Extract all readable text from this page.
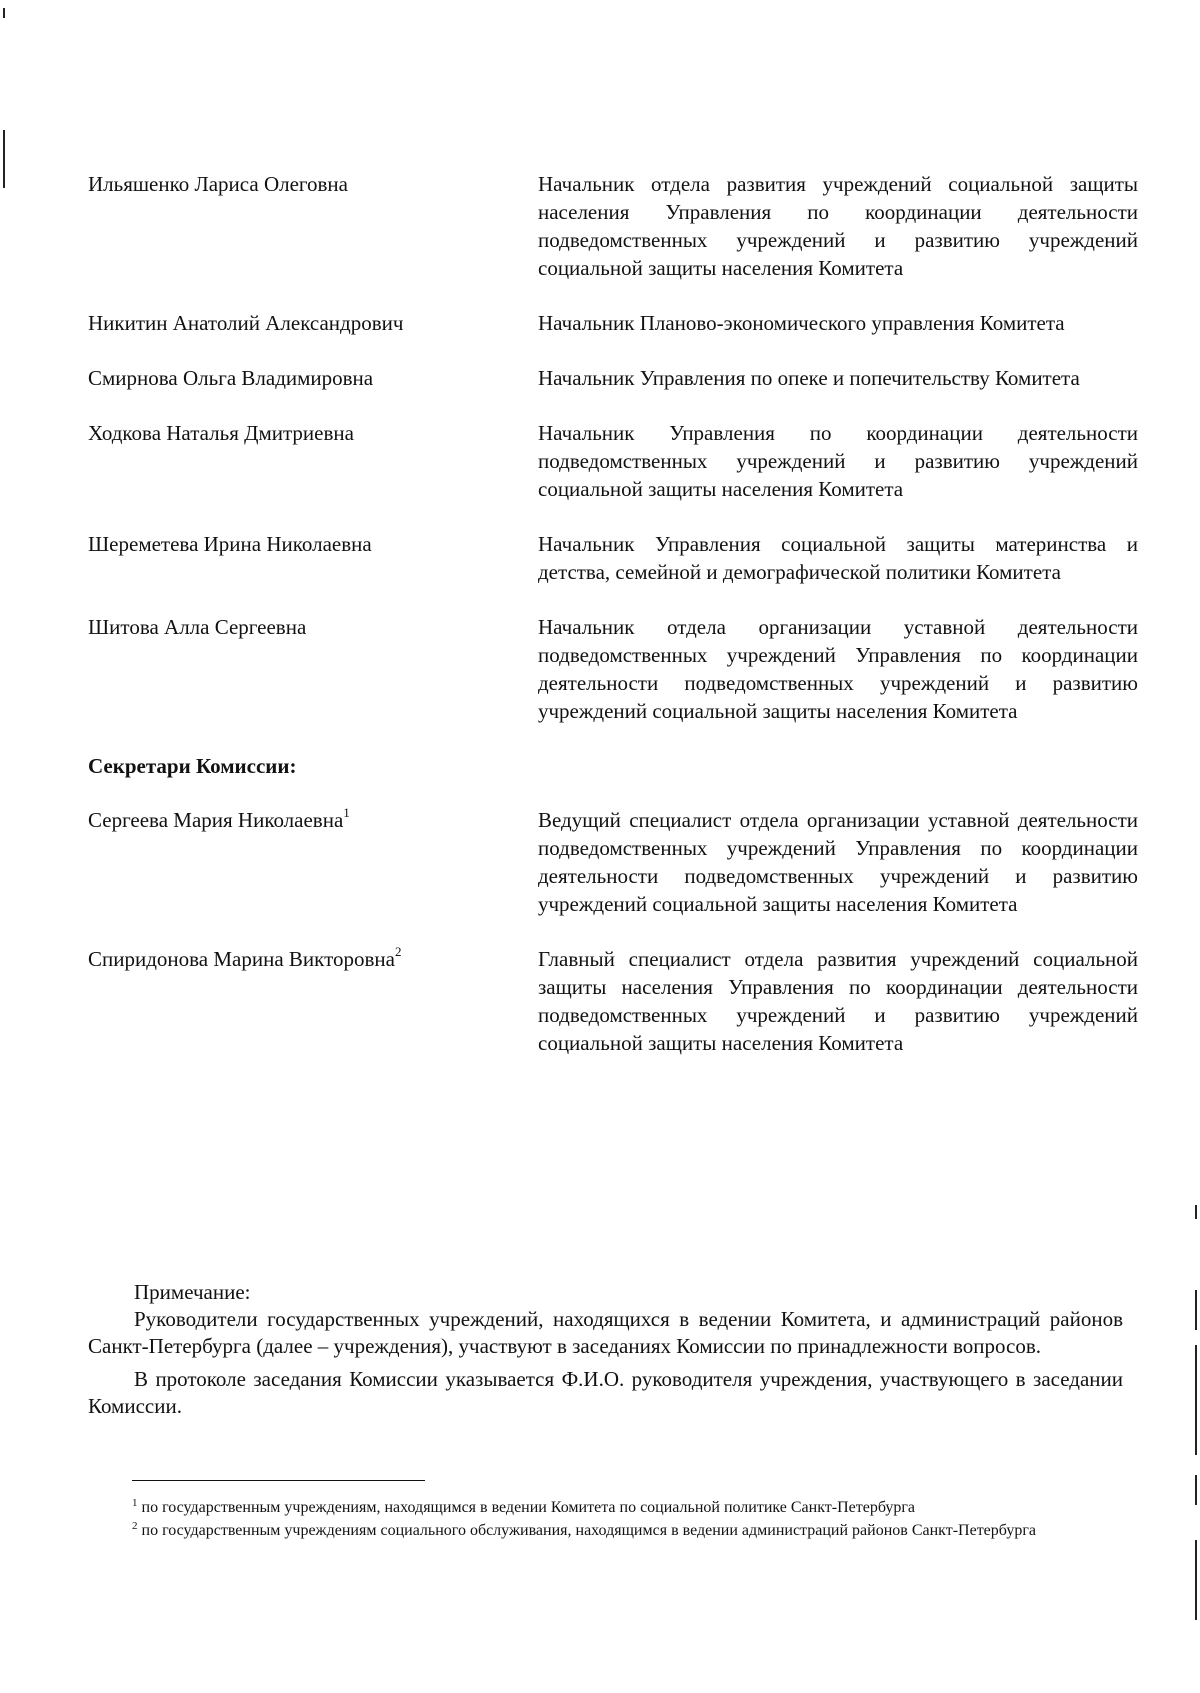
Ильяшенко Лариса Олеговна	Начальник отдела развития учреждений социальной защиты населения Управления по координации деятельности подведомственных учреждений и развитию учреждений социальной защиты населения Комитета
Никитин Анатолий Александрович	Начальник Планово-экономического управления Комитета
Смирнова Ольга Владимировна	Начальник Управления по опеке и попечительству Комитета
Ходкова Наталья Дмитриевна	Начальник Управления по координации деятельности подведомственных учреждений и развитию учреждений социальной защиты населения Комитета
Шереметева Ирина Николаевна	Начальник Управления социальной защиты материнства и детства, семейной и демографической политики Комитета
Шитова Алла Сергеевна	Начальник отдела организации уставной деятельности подведомственных учреждений Управления по координации деятельности подведомственных учреждений и развитию учреждений социальной защиты населения Комитета
Секретари Комиссии:
Сергеева Мария Николаевна$^1$	Ведущий специалист отдела организации уставной деятельности подведомственных учреждений Управления по координации деятельности подведомственных учреждений и развитию учреждений социальной защиты населения Комитета
Спиридонова Марина Викторовна$^2$	Главный специалист отдела развития учреждений социальной защиты населения Управления по координации деятельности подведомственных учреждений и развитию учреждений социальной защиты населения Комитета
Примечание:

Руководители государственных учреждений, находящихся в ведении Комитета, и администраций районов Санкт-Петербурга (далее – учреждения), участвуют в заседаниях Комиссии по принадлежности вопросов.

В протоколе заседания Комиссии указывается Ф.И.О. руководителя учреждения, участвующего в заседании Комиссии.

$^1$ по государственным учреждениям, находящимся в ведении Комитета по социальной политике Санкт-Петербурга
$^2$ по государственным учреждениям социального обслуживания, находящимся в ведении администраций районов Санкт-Петербурга
